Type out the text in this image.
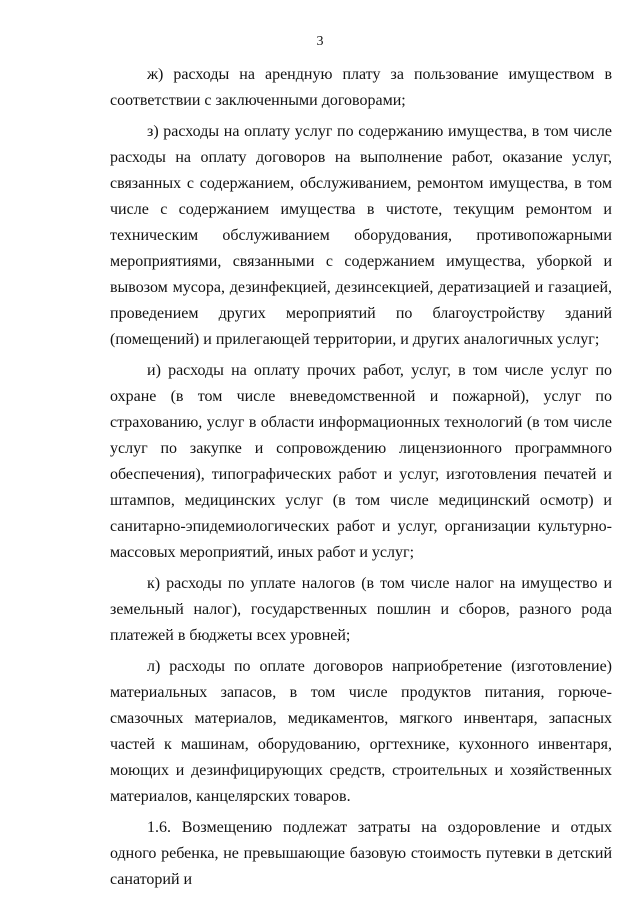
3

ж) расходы на арендную плату за пользование имуществом в соответствии с заключенными договорами;

з) расходы на оплату услуг по содержанию имущества, в том числе расходы на оплату договоров на выполнение работ, оказание услуг, связанных с содержанием, обслуживанием, ремонтом имущества, в том числе с содержанием имущества в чистоте, текущим ремонтом и техническим обслуживанием оборудования, противопожарными мероприятиями, связанными с содержанием имущества, уборкой и вывозом мусора, дезинфекцией, дезинсекцией, дератизацией и газацией, проведением других мероприятий по благоустройству зданий (помещений) и прилегающей территории, и других аналогичных услуг;

и) расходы на оплату прочих работ, услуг, в том числе услуг по охране (в том числе вневедомственной и пожарной), услуг по страхованию, услуг в области информационных технологий (в том числе услуг по закупке и сопровождению лицензионного программного обеспечения), типографических работ и услуг, изготовления печатей и штампов, медицинских услуг (в том числе медицинский осмотр) и санитарно-эпидемиологических работ и услуг, организации культурно-массовых мероприятий, иных работ и услуг;

к) расходы по уплате налогов (в том числе налог на имущество и земельный налог), государственных пошлин и сборов, разного рода платежей в бюджеты всех уровней;

л) расходы по оплате договоров наприобретение (изготовление) материальных запасов, в том числе продуктов питания, горюче-смазочных материалов, медикаментов, мягкого инвентаря, запасных частей к машинам, оборудованию, оргтехнике, кухонного инвентаря, моющих и дезинфицирующих средств, строительных и хозяйственных материалов, канцелярских товаров.

1.6. Возмещению подлежат затраты на оздоровление и отдых одного ребенка, не превышающие базовую стоимость путевки в детский санаторий и
